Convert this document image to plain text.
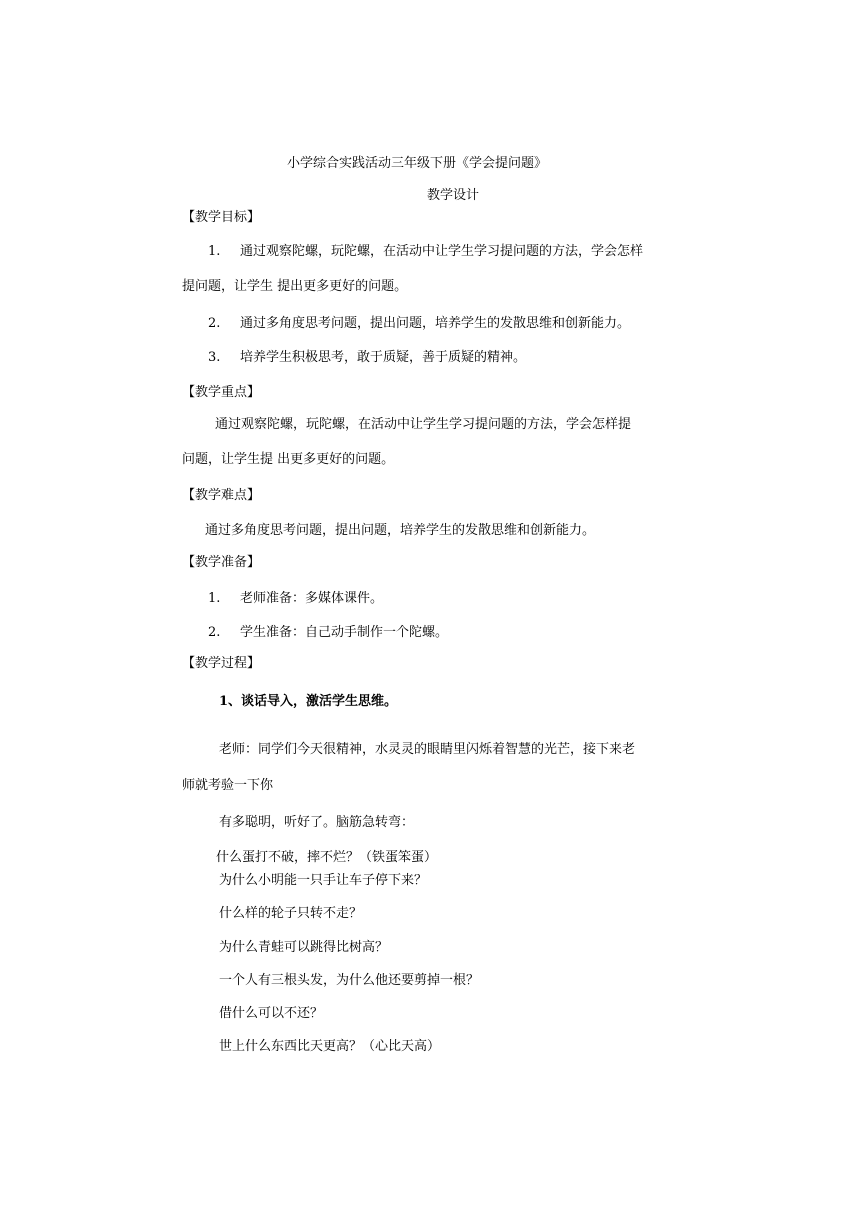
小学综合实践活动三年级下册《学会提问题》
教学设计
【教学目标】
1. 通过观察陀螺，玩陀螺，在活动中让学生学习提问题的方法，学会怎样
提问题，让学生 提出更多更好的问题。
2. 通过多角度思考问题，提出问题，培养学生的发散思维和创新能力。
3. 培养学生积极思考，敢于质疑，善于质疑的精神。
【教学重点】
通过观察陀螺，玩陀螺，在活动中让学生学习提问题的方法，学会怎样提
问题，让学生提 出更多更好的问题。
【教学难点】
通过多角度思考问题，提出问题，培养学生的发散思维和创新能力。
【教学准备】
1. 老师准备：多媒体课件。
2. 学生准备：自己动手制作一个陀螺。
【教学过程】
1、谈话导入，激活学生思维。
老师：同学们今天很精神，水灵灵的眼睛里闪烁着智慧的光芒，接下来老
师就考验一下你
有多聪明，听好了。脑筋急转弯：
什么蛋打不破，摔不烂？（铁蛋笨蛋）
为什么小明能一只手让车子停下来？
什么样的轮子只转不走？
为什么青蛙可以跳得比树高？
一个人有三根头发，为什么他还要剪掉一根？
借什么可以不还？
世上什么东西比天更高？（心比天高）
